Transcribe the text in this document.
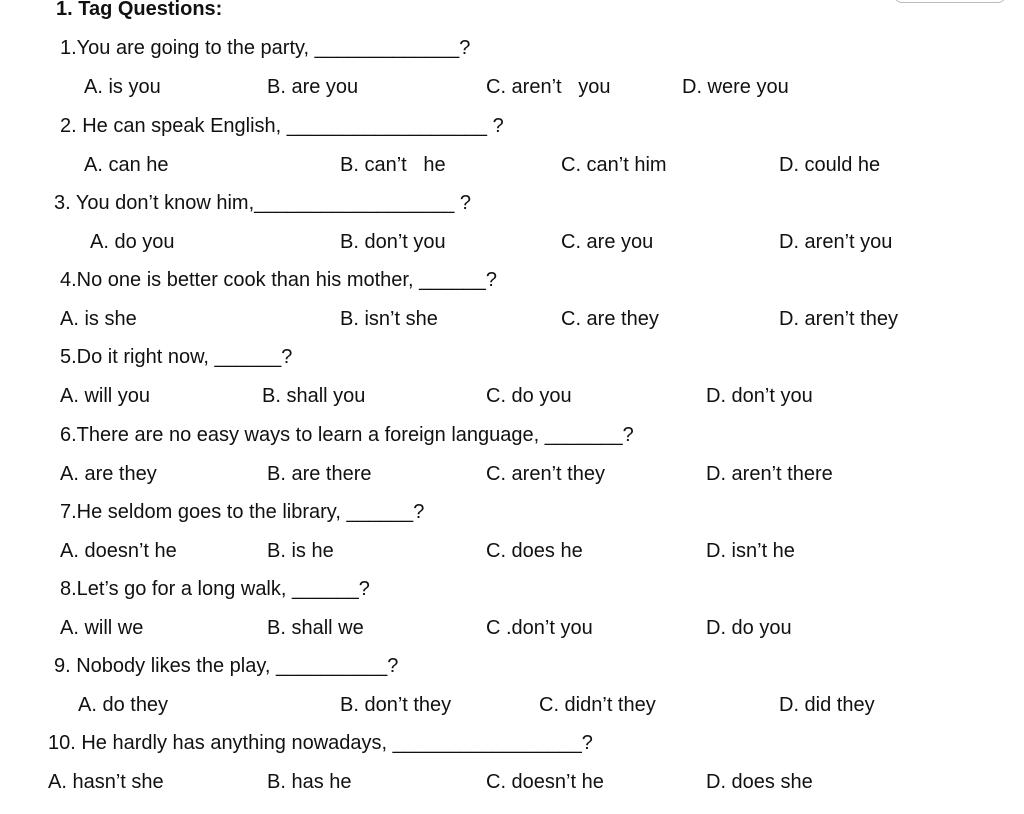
1. Tag Questions:
1.You are going to the party, _____________?
A. is you	B. are you	C. aren’t   you	D. were you
2. He can speak English, __________________ ?
A. can he	B. can’t   he	C. can’t him	D. could he
3. You don’t know him,__________________ ?
A. do you	B. don’t you	C. are you	D. aren’t you
4.No one is better cook than his mother, ______?
A. is she	B. isn’t she	C. are they	D. aren’t they
5.Do it right now, ______?
A. will you	B. shall you	C. do you	D. don’t you
6.There are no easy ways to learn a foreign language, _______?
A. are they	B. are there	C. aren’t they	D. aren’t there
7.He seldom goes to the library, ______?
A. doesn’t he	B. is he	C. does he	D. isn’t he
8.Let’s go for a long walk, ______?
A. will we	B. shall we	C .don’t you	D. do you
9. Nobody likes the play, __________?
A. do they	B. don’t they	C. didn’t they	D. did they
10. He hardly has anything nowadays, _________________?
A. hasn’t she	B. has he	C. doesn’t he	D. does she
